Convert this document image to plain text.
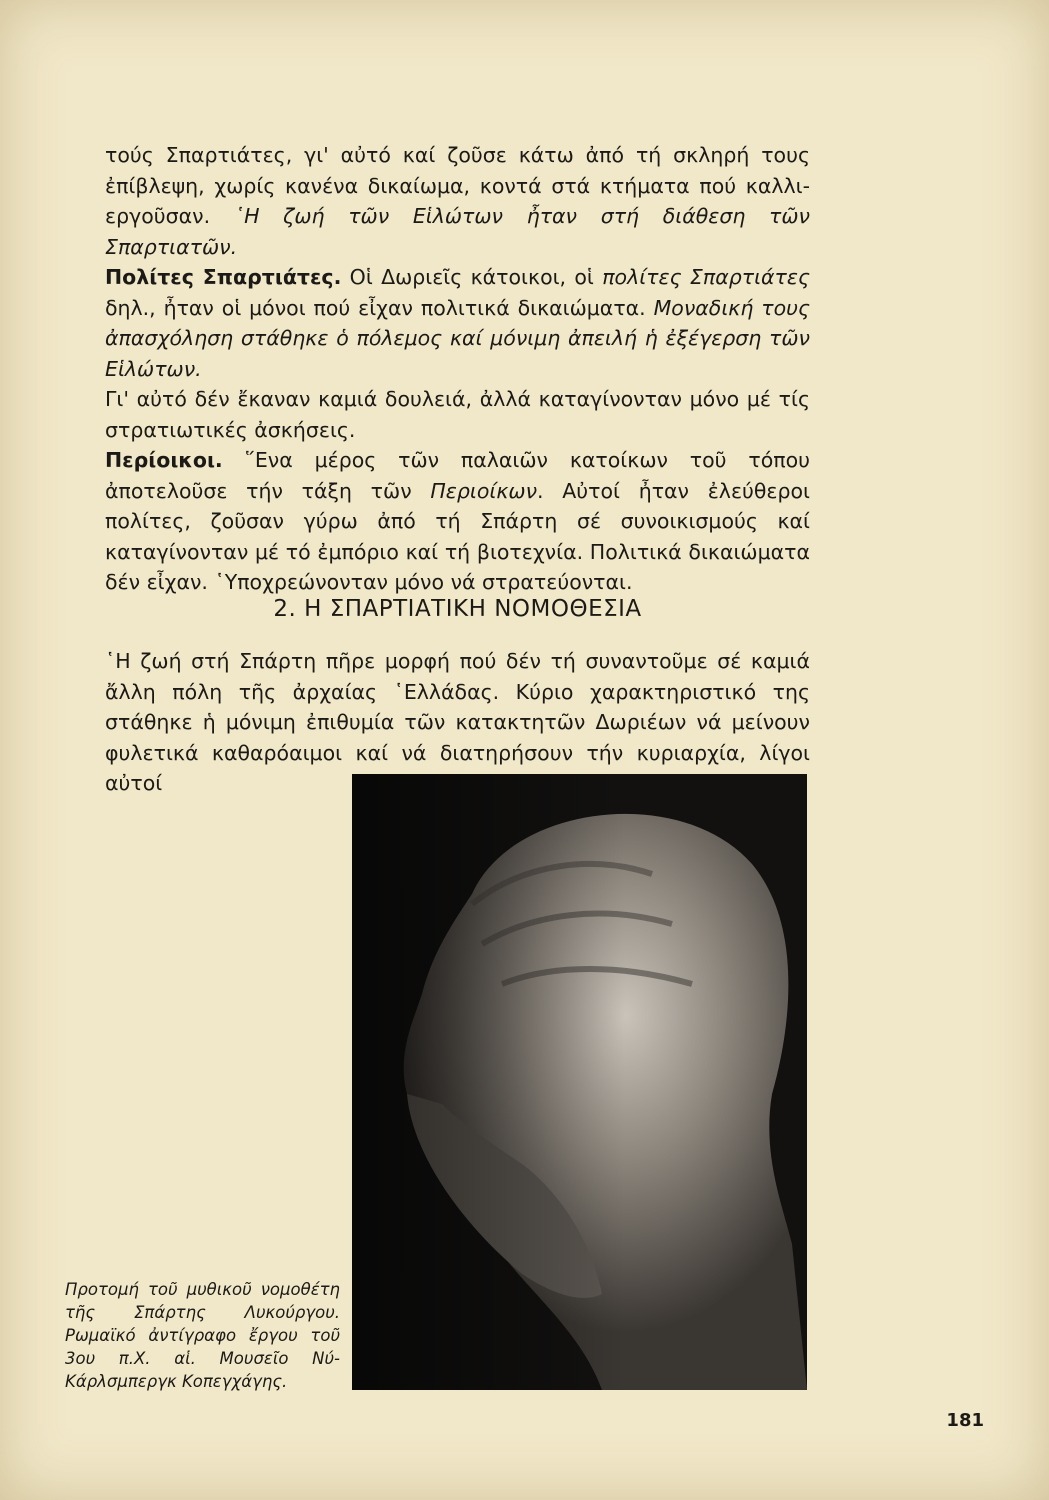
τούς Σπαρτιάτες, γι' αὐτό καί ζοῦσε κάτω ἀπό τή σκληρή τους ἐπίβλεψη, χωρίς κανένα δικαίωμα, κοντά στά κτήματα πού καλλι- εργοῦσαν. ῾Η ζωή τῶν Εἱλώτων ἦταν στή διάθεση τῶν Σπαρτιατῶν.

Πολίτες Σπαρτιάτες. Οἱ Δωριεῖς κάτοικοι, οἱ πολίτες Σπαρτιάτες δηλ., ἦταν οἱ μόνοι πού εἶχαν πολιτικά δικαιώματα. Μοναδική τους ἀπασχόληση στάθηκε ὁ πόλεμος καί μόνιμη ἀπειλή ἡ ἐξέγερση τῶν Εἱλώτων.

Γι' αὐτό δέν ἔκαναν καμιά δουλειά, ἀλλά καταγίνονταν μόνο μέ τίς στρατιωτικές ἀσκήσεις.

Περίοικοι. ῞Ενα μέρος τῶν παλαιῶν κατοίκων τοῦ τόπου ἀποτελοῦσε τήν τάξη τῶν Περιοίκων. Αὐτοί ἦταν ἐλεύθεροι πολίτες, ζοῦσαν γύρω ἀπό τή Σπάρτη σέ συνοικισμούς καί καταγίνονταν μέ τό ἐμπόριο καί τή βιοτεχνία. Πολιτικά δικαιώματα δέν εἶχαν. ῾Υποχρεώνονταν μόνο νά στρατεύονται.

2. Η ΣΠΑΡΤΙΑΤΙΚΗ ΝΟΜΟΘΕΣΙΑ

῾Η ζωή στή Σπάρτη πῆρε μορφή πού δέν τή συναντοῦμε σέ καμιά ἄλλη πόλη τῆς ἀρχαίας ῾Ελλάδας. Κύριο χαρακτηριστικό της στάθηκε ἡ μόνιμη ἐπιθυμία τῶν κατακτητῶν Δωριέων νά μείνουν φυλετικά καθαρόαιμοι καί νά διατηρήσουν τήν κυριαρχία, λίγοι αὐτοί

Προτομή τοῦ μυθικοῦ νομοθέτη τῆς Σπάρτης Λυκούργου. Ρωμαϊκό ἀντίγραφο ἔργου τοῦ 3ου π.Χ. αἱ. Μουσεῖο Νύ-Κάρλσμπεργκ Κοπεγχάγης.
181
